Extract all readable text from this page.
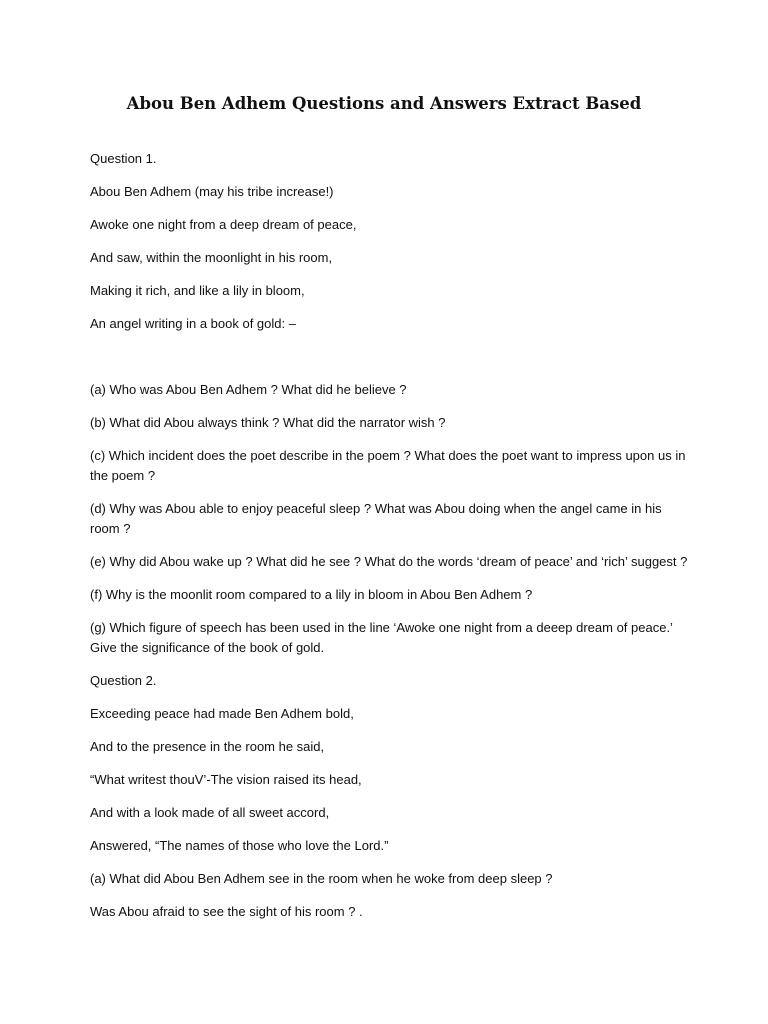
Abou Ben Adhem Questions and Answers Extract Based

Question 1.

Abou Ben Adhem (may his tribe increase!)

Awoke one night from a deep dream of peace,

And saw, within the moonlight in his room,

Making it rich, and like a lily in bloom,

An angel writing in a book of gold: –

(a) Who was Abou Ben Adhem ? What did he believe ?

(b) What did Abou always think ? What did the narrator wish ?

(c) Which incident does the poet describe in the poem ? What does the poet want to impress upon us in the poem ?

(d) Why was Abou able to enjoy peaceful sleep ? What was Abou doing when the angel came in his room ?

(e) Why did Abou wake up ? What did he see ? What do the words ‘dream of peace’ and ‘rich’ suggest ?

(f) Why is the moonlit room compared to a lily in bloom in Abou Ben Adhem ?

(g) Which figure of speech has been used in the line ‘Awoke one night from a deeep dream of peace.’ Give the significance of the book of gold.

Question 2.

Exceeding peace had made Ben Adhem bold,

And to the presence in the room he said,

“What writest thouV’-The vision raised its head,

And with a look made of all sweet accord,

Answered, “The names of those who love the Lord.”

(a) What did Abou Ben Adhem see in the room when he woke from deep sleep ?

Was Abou afraid to see the sight of his room ? .
